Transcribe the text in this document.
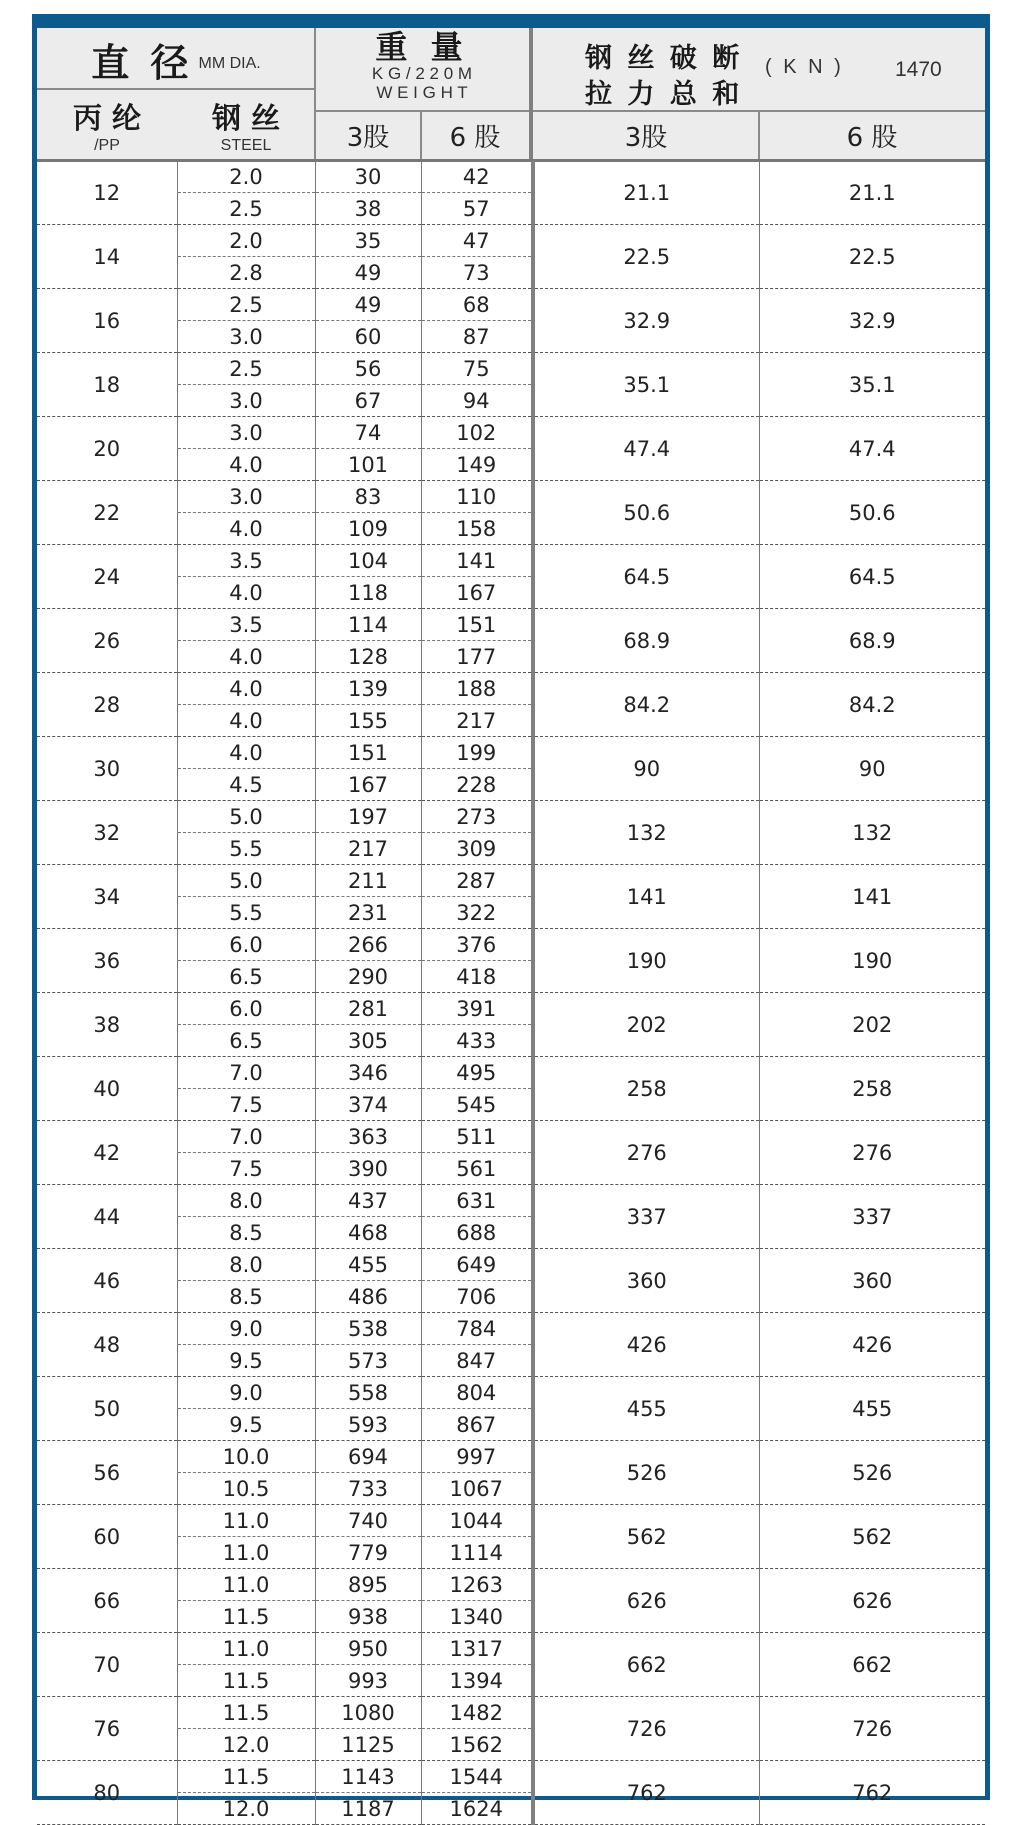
直 径 MM DIA.
丙 纶
/PP
钢 丝
STEEL
重 量
K G / 2 2 0 M
W E I G H T
3股 6 股
钢 丝 破 断
拉 力 总 和
( K N ) 1470
3股	6 股
12	2.0	30	42	21.1	21.1
	2.5	38	57		
14	2.0	35	47	22.5	22.5
	2.8	49	73		
16	2.5	49	68	32.9	32.9
	3.0	60	87		
18	2.5	56	75	35.1	35.1
	3.0	67	94		
20	3.0	74	102	47.4	47.4
	4.0	101	149		
22	3.0	83	110	50.6	50.6
	4.0	109	158		
24	3.5	104	141	64.5	64.5
	4.0	118	167		
26	3.5	114	151	68.9	68.9
	4.0	128	177		
28	4.0	139	188	84.2	84.2
	4.0	155	217		
30	4.0	151	199	90	90
	4.5	167	228		
32	5.0	197	273	132	132
	5.5	217	309		
34	5.0	211	287	141	141
	5.5	231	322		
36	6.0	266	376	190	190
	6.5	290	418		
38	6.0	281	391	202	202
	6.5	305	433		
40	7.0	346	495	258	258
	7.5	374	545		
42	7.0	363	511	276	276
	7.5	390	561		
44	8.0	437	631	337	337
	8.5	468	688		
46	8.0	455	649	360	360
	8.5	486	706		
48	9.0	538	784	426	426
	9.5	573	847		
50	9.0	558	804	455	455
	9.5	593	867		
56	10.0	694	997	526	526
	10.5	733	1067		
60	11.0	740	1044	562	562
	11.0	779	1114		
66	11.0	895	1263	626	626
	11.5	938	1340		
70	11.0	950	1317	662	662
	11.5	993	1394		
76	11.5	1080	1482	726	726
	12.0	1125	1562		
80	11.5	1143	1544	762	762
	12.0	1187	1624		
